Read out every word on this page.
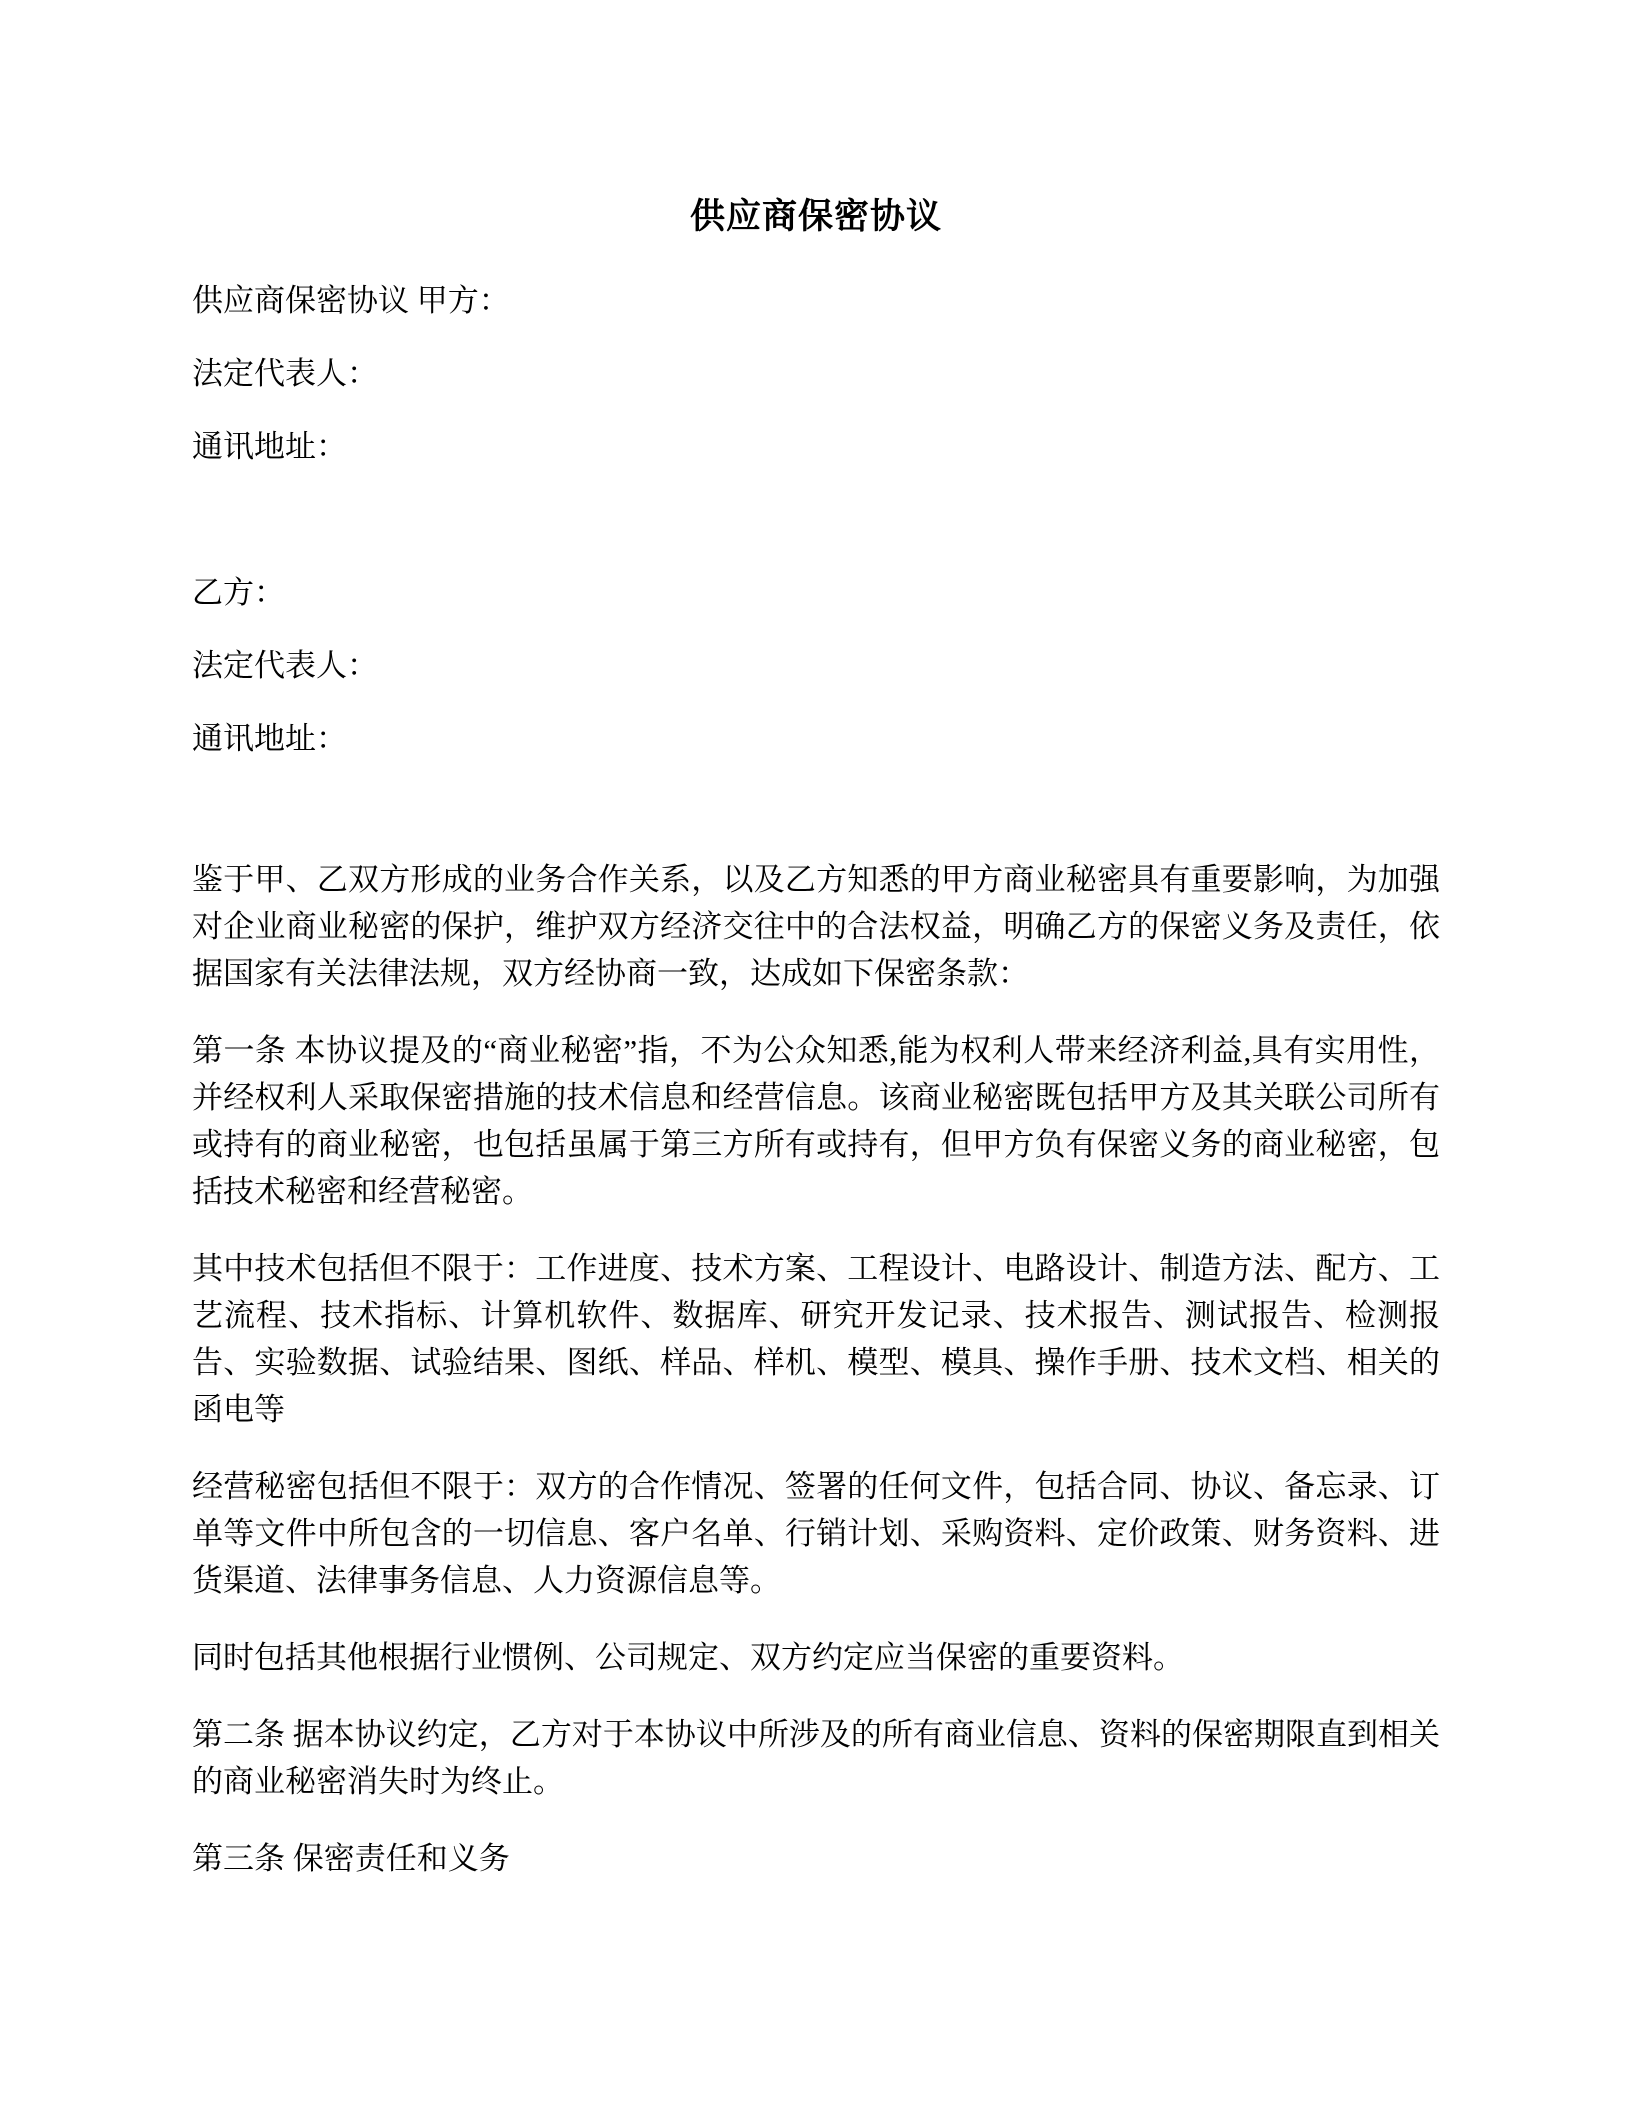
供应商保密协议

供应商保密协议 甲方：

法定代表人：

通讯地址：

乙方：

法定代表人：

通讯地址：

鉴于甲、乙双方形成的业务合作关系，以及乙方知悉的甲方商业秘密具有重要影响，为加强对企业商业秘密的保护，维护双方经济交往中的合法权益，明确乙方的保密义务及责任，依据国家有关法律法规，双方经协商一致，达成如下保密条款：

第一条 本协议提及的“商业秘密”指，不为公众知悉,能为权利人带来经济利益,具有实用性，并经权利人采取保密措施的技术信息和经营信息。该商业秘密既包括甲方及其关联公司所有或持有的商业秘密，也包括虽属于第三方所有或持有，但甲方负有保密义务的商业秘密，包括技术秘密和经营秘密。

其中技术包括但不限于：工作进度、技术方案、工程设计、电路设计、制造方法、配方、工艺流程、技术指标、计算机软件、数据库、研究开发记录、技术报告、测试报告、检测报告、实验数据、试验结果、图纸、样品、样机、模型、模具、操作手册、技术文档、相关的函电等

经营秘密包括但不限于：双方的合作情况、签署的任何文件，包括合同、协议、备忘录、订单等文件中所包含的一切信息、客户名单、行销计划、采购资料、定价政策、财务资料、进货渠道、法律事务信息、人力资源信息等。

同时包括其他根据行业惯例、公司规定、双方约定应当保密的重要资料。

第二条 据本协议约定，乙方对于本协议中所涉及的所有商业信息、资料的保密期限直到相关的商业秘密消失时为终止。

第三条 保密责任和义务
